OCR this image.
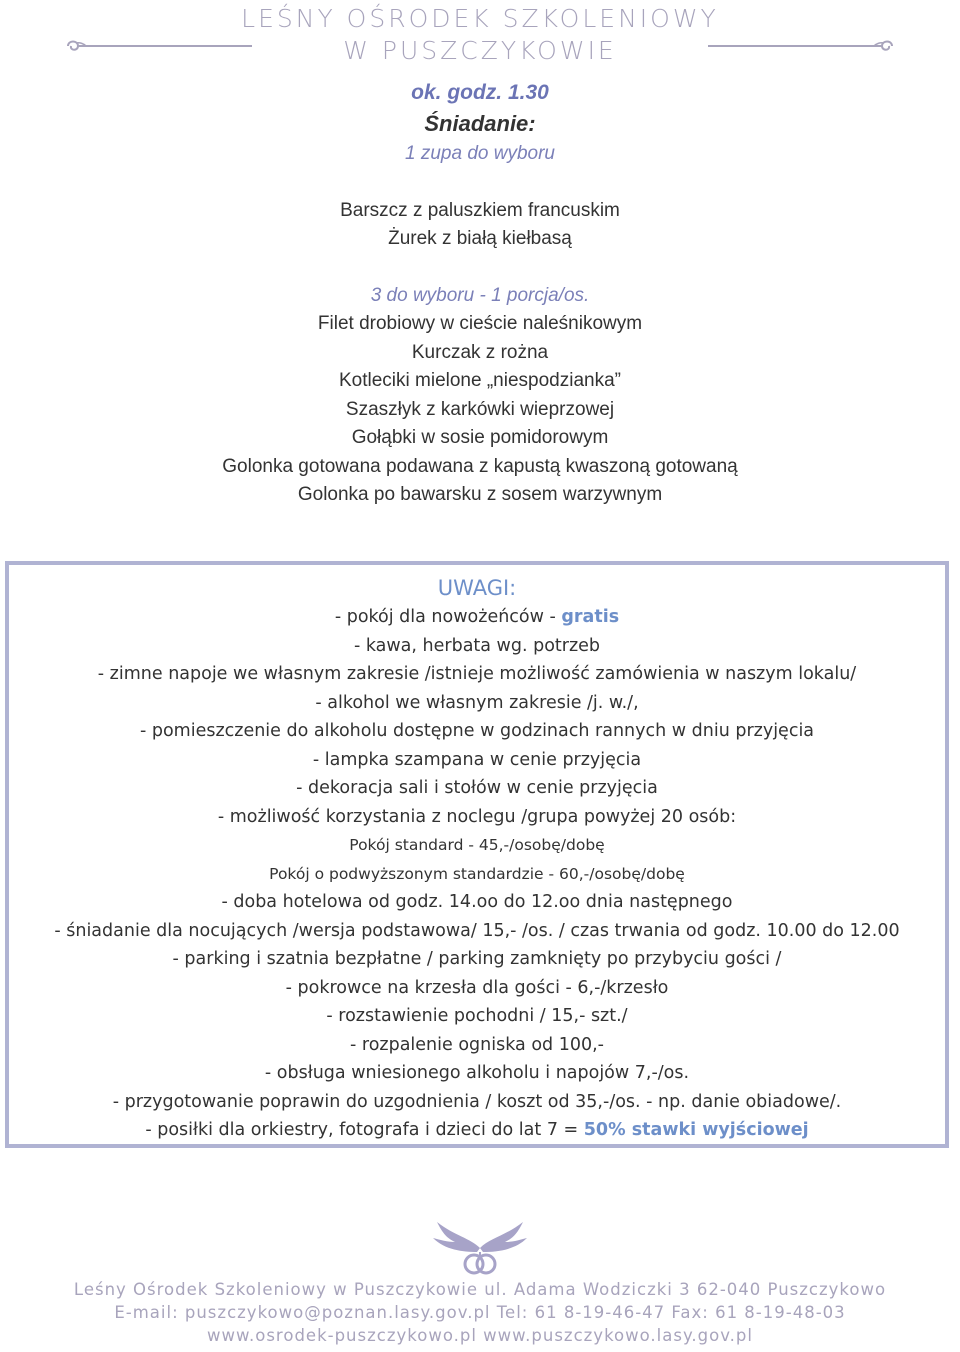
LEŚNY OŚRODEK SZKOLENIOWY
W PUSZCZYKOWIE
ok. godz. 1.30
Śniadanie:
1 zupa do wyboru
Barszcz z paluszkiem francuskim
Żurek z białą kiełbasą
3 do wyboru - 1 porcja/os.
Filet drobiowy w cieście naleśnikowym
Kurczak z rożna
Kotleciki mielone „niespodzianka”
Szaszłyk z karkówki wieprzowej
Gołąbki w sosie pomidorowym
Golonka gotowana podawana z kapustą kwaszoną gotowaną
Golonka po bawarsku z sosem warzywnym
UWAGI:
- pokój dla nowożeńców - gratis
- kawa, herbata wg. potrzeb
- zimne napoje we własnym zakresie /istnieje możliwość zamówienia w naszym lokalu/
- alkohol we własnym zakresie /j. w./,
- pomieszczenie do alkoholu dostępne w godzinach rannych w dniu przyjęcia
- lampka szampana w cenie przyjęcia
- dekoracja sali i stołów w cenie przyjęcia
- możliwość korzystania z noclegu /grupa powyżej 20 osób:
Pokój standard - 45,-/osobę/dobę
Pokój o podwyższonym standardzie - 60,-/osobę/dobę
- doba hotelowa od godz. 14.oo do 12.oo dnia następnego
- śniadanie dla nocujących /wersja podstawowa/ 15,- /os. / czas trwania od godz. 10.00 do 12.00
- parking i szatnia bezpłatne / parking zamknięty po przybyciu gości /
- pokrowce na krzesła dla gości - 6,-/krzesło
- rozstawienie pochodni / 15,- szt./
- rozpalenie ogniska od 100,-
- obsługa wniesionego alkoholu i napojów 7,-/os.
- przygotowanie poprawin do uzgodnienia / koszt od 35,-/os. - np. danie obiadowe/.
- posiłki dla orkiestry, fotografa i dzieci do lat 7 = 50% stawki wyjściowej
Leśny Ośrodek Szkoleniowy w Puszczykowie ul. Adama Wodziczki 3 62-040 Puszczykowo
E-mail: puszczykowo@poznan.lasy.gov.pl Tel: 61 8-19-46-47 Fax: 61 8-19-48-03
www.osrodek-puszczykowo.pl www.puszczykowo.lasy.gov.pl
